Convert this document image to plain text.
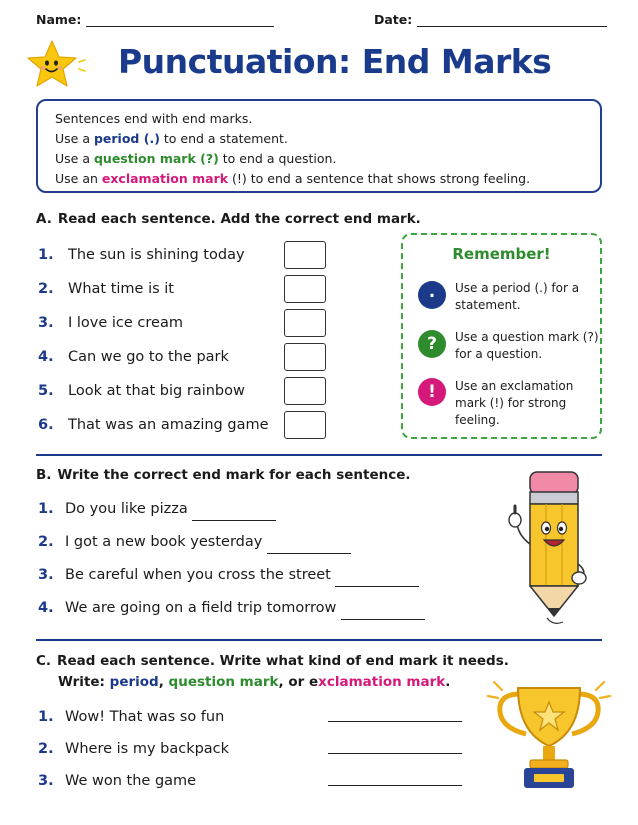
Name:	Date:
Punctuation: End Marks
Sentences end with end marks.
Use a period (.) to end a statement.
Use a question mark (?) to end a question.
Use an exclamation mark (!) to end a sentence that shows strong feeling.
A. Read each sentence. Add the correct end mark.
1. The sun is shining today
2. What time is it
3. I love ice cream
4. Can we go to the park
5. Look at that big rainbow
6. That was an amazing game
Remember!
.	Use a period (.) for a statement.
?	Use a question mark (?) for a question.
!	Use an exclamation mark (!) for strong feeling.
B. Write the correct end mark for each sentence.
1. Do you like pizza
2. I got a new book yesterday
3. Be careful when you cross the street
4. We are going on a field trip tomorrow
C. Read each sentence. Write what kind of end mark it needs.
Write: period, question mark, or exclamation mark.
1. Wow! That was so fun
2. Where is my backpack
3. We won the game
